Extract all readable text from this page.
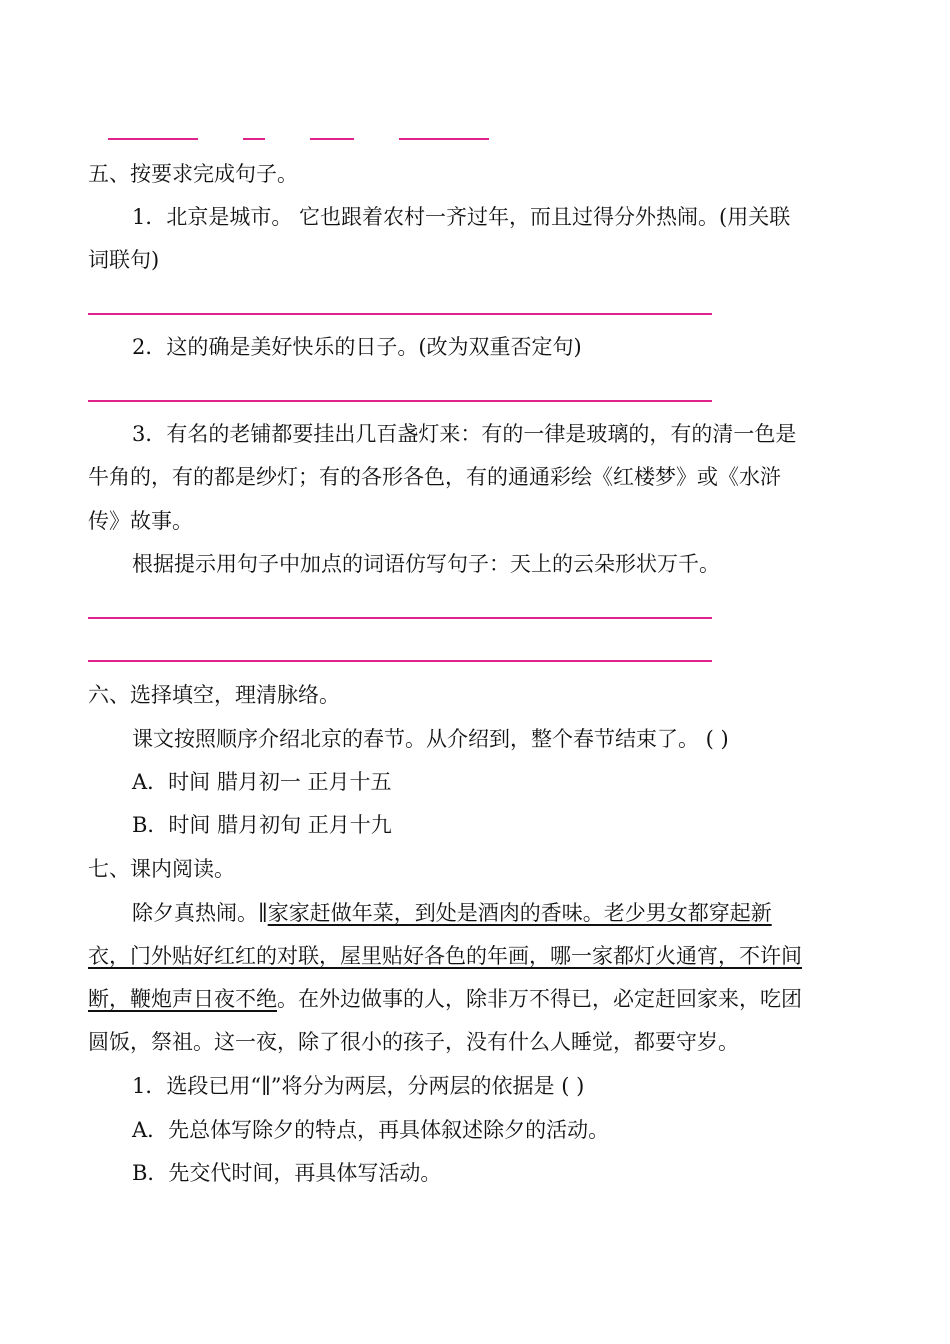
五、按要求完成句子。
1．北京是城市。 它也跟着农村一齐过年，而且过得分外热闹。(用关联
词联句)
2．这的确是美好快乐的日子。(改为双重否定句)
3．有名的老铺都要挂出几百盏灯来：有的一律是玻璃的，有的清一色是
牛角的，有的都是纱灯；有的各形各色，有的通通彩绘《红楼梦》或《水浒
传》故事。
根据提示用句子中加点的词语仿写句子：天上的云朵形状万千。
六、选择填空，理清脉络。
课文按照顺序介绍北京的春节。从介绍到，整个春节结束了。 ( )
A．时间 腊月初一 正月十五
B．时间 腊月初旬 正月十九
七、课内阅读。
除夕真热闹。∥家家赶做年菜，到处是酒肉的香味。老少男女都穿起新
衣，门外贴好红红的对联，屋里贴好各色的年画，哪一家都灯火通宵，不许间
断，鞭炮声日夜不绝。在外边做事的人，除非万不得已，必定赶回家来，吃团
圆饭，祭祖。这一夜，除了很小的孩子，没有什么人睡觉，都要守岁。
1．选段已用“∥”将分为两层，分两层的依据是 ( )
A．先总体写除夕的特点，再具体叙述除夕的活动。
B．先交代时间，再具体写活动。
